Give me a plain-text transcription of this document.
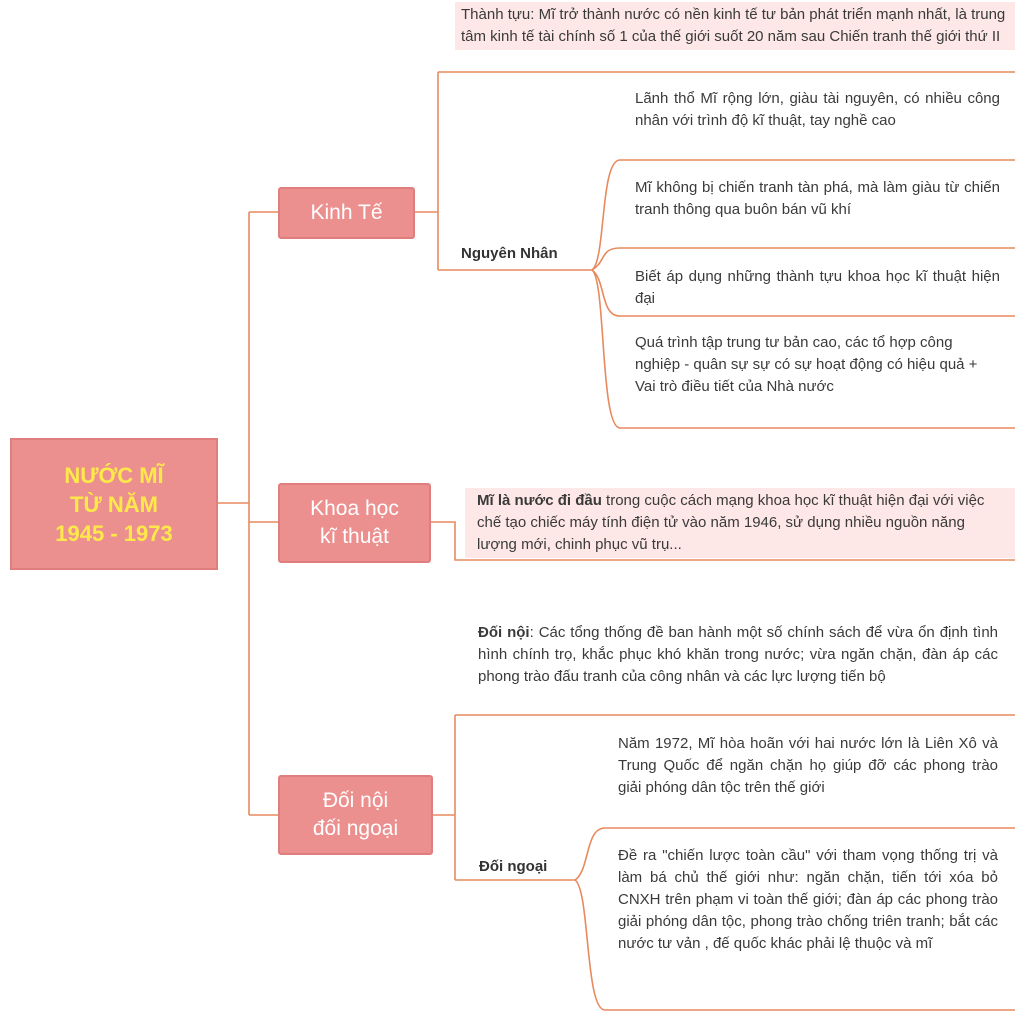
NƯỚC MĨ
TỪ NĂM
1945 - 1973
Kinh Tế
Khoa học
kĩ thuật
Đối nội
đối ngoại
Thành tựu: Mĩ trở thành nước có nền kinh tế tư bản phát triển mạnh nhất, là trung tâm kinh tế tài chính số 1 của thế giới suốt 20 năm sau Chiến tranh thế giới thứ II
Nguyên Nhân
Lãnh thổ Mĩ rộng lớn, giàu tài nguyên, có nhiều công nhân với trình độ kĩ thuật, tay nghề cao
Mĩ không bị chiến tranh tàn phá, mà làm giàu từ chiến tranh thông qua buôn bán vũ khí
Biết áp dụng những thành tựu khoa học kĩ thuật hiện đại
Quá trình tập trung tư bản cao, các tổ hợp công nghiệp - quân sự sự có sự hoạt động có hiệu quả + Vai trò điều tiết của Nhà nước
Mĩ là nước đi đầu trong cuộc cách mạng khoa học kĩ thuật hiện đại với việc chế tạo chiếc máy tính điện tử vào năm 1946, sử dụng nhiều nguồn năng lượng mới, chinh phục vũ trụ...
Đối nội: Các tổng thống đề ban hành một số chính sách để vừa ổn định tình hình chính trọ, khắc phục khó khăn trong nước; vừa ngăn chặn, đàn áp các phong trào đấu tranh của công nhân và các lực lượng tiến bộ
Đối ngoại
Năm 1972, Mĩ hòa hoãn với hai nước lớn là Liên Xô và Trung Quốc để ngăn chặn họ giúp đỡ các phong trào giải phóng dân tộc trên thế giới
Đề ra "chiến lược toàn cầu" với tham vọng thống trị và làm bá chủ thế giới như: ngăn chặn, tiến tới xóa bỏ CNXH trên phạm vi toàn thế giới; đàn áp các phong trào giải phóng dân tộc, phong trào chống triên tranh; bắt các nước tư vản , đế quốc khác phải lệ thuộc và mĩ
